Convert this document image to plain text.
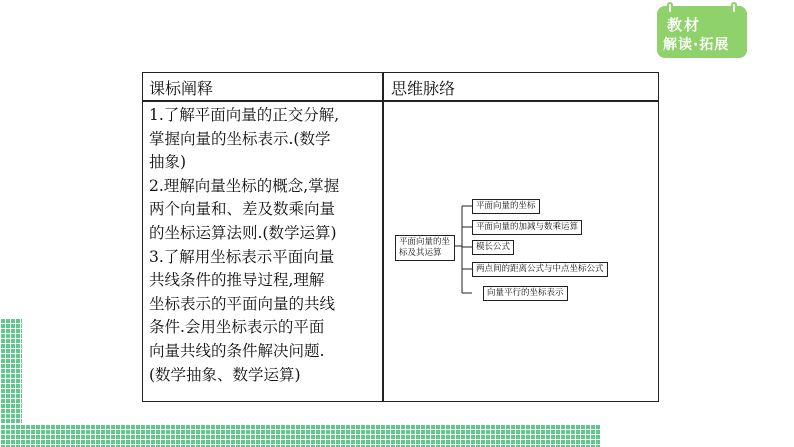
教材
解读·拓展
课标阐释	思维脉络
1.了解平面向量的正交分解,
掌握向量的坐标表示.(数学
抽象)
2.理解向量坐标的概念,掌握
两个向量和、差及数乘向量
的坐标运算法则.(数学运算)
3.了解用坐标表示平面向量
共线条件的推导过程,理解
坐标表示的平面向量的共线
条件.会用坐标表示的平面
向量共线的条件解决问题.
(数学抽象、数学运算)
平面向量的坐标及其运算
平面向量的坐标
平面向量的加减与数乘运算
模长公式
两点间的距离公式与中点坐标公式
向量平行的坐标表示
